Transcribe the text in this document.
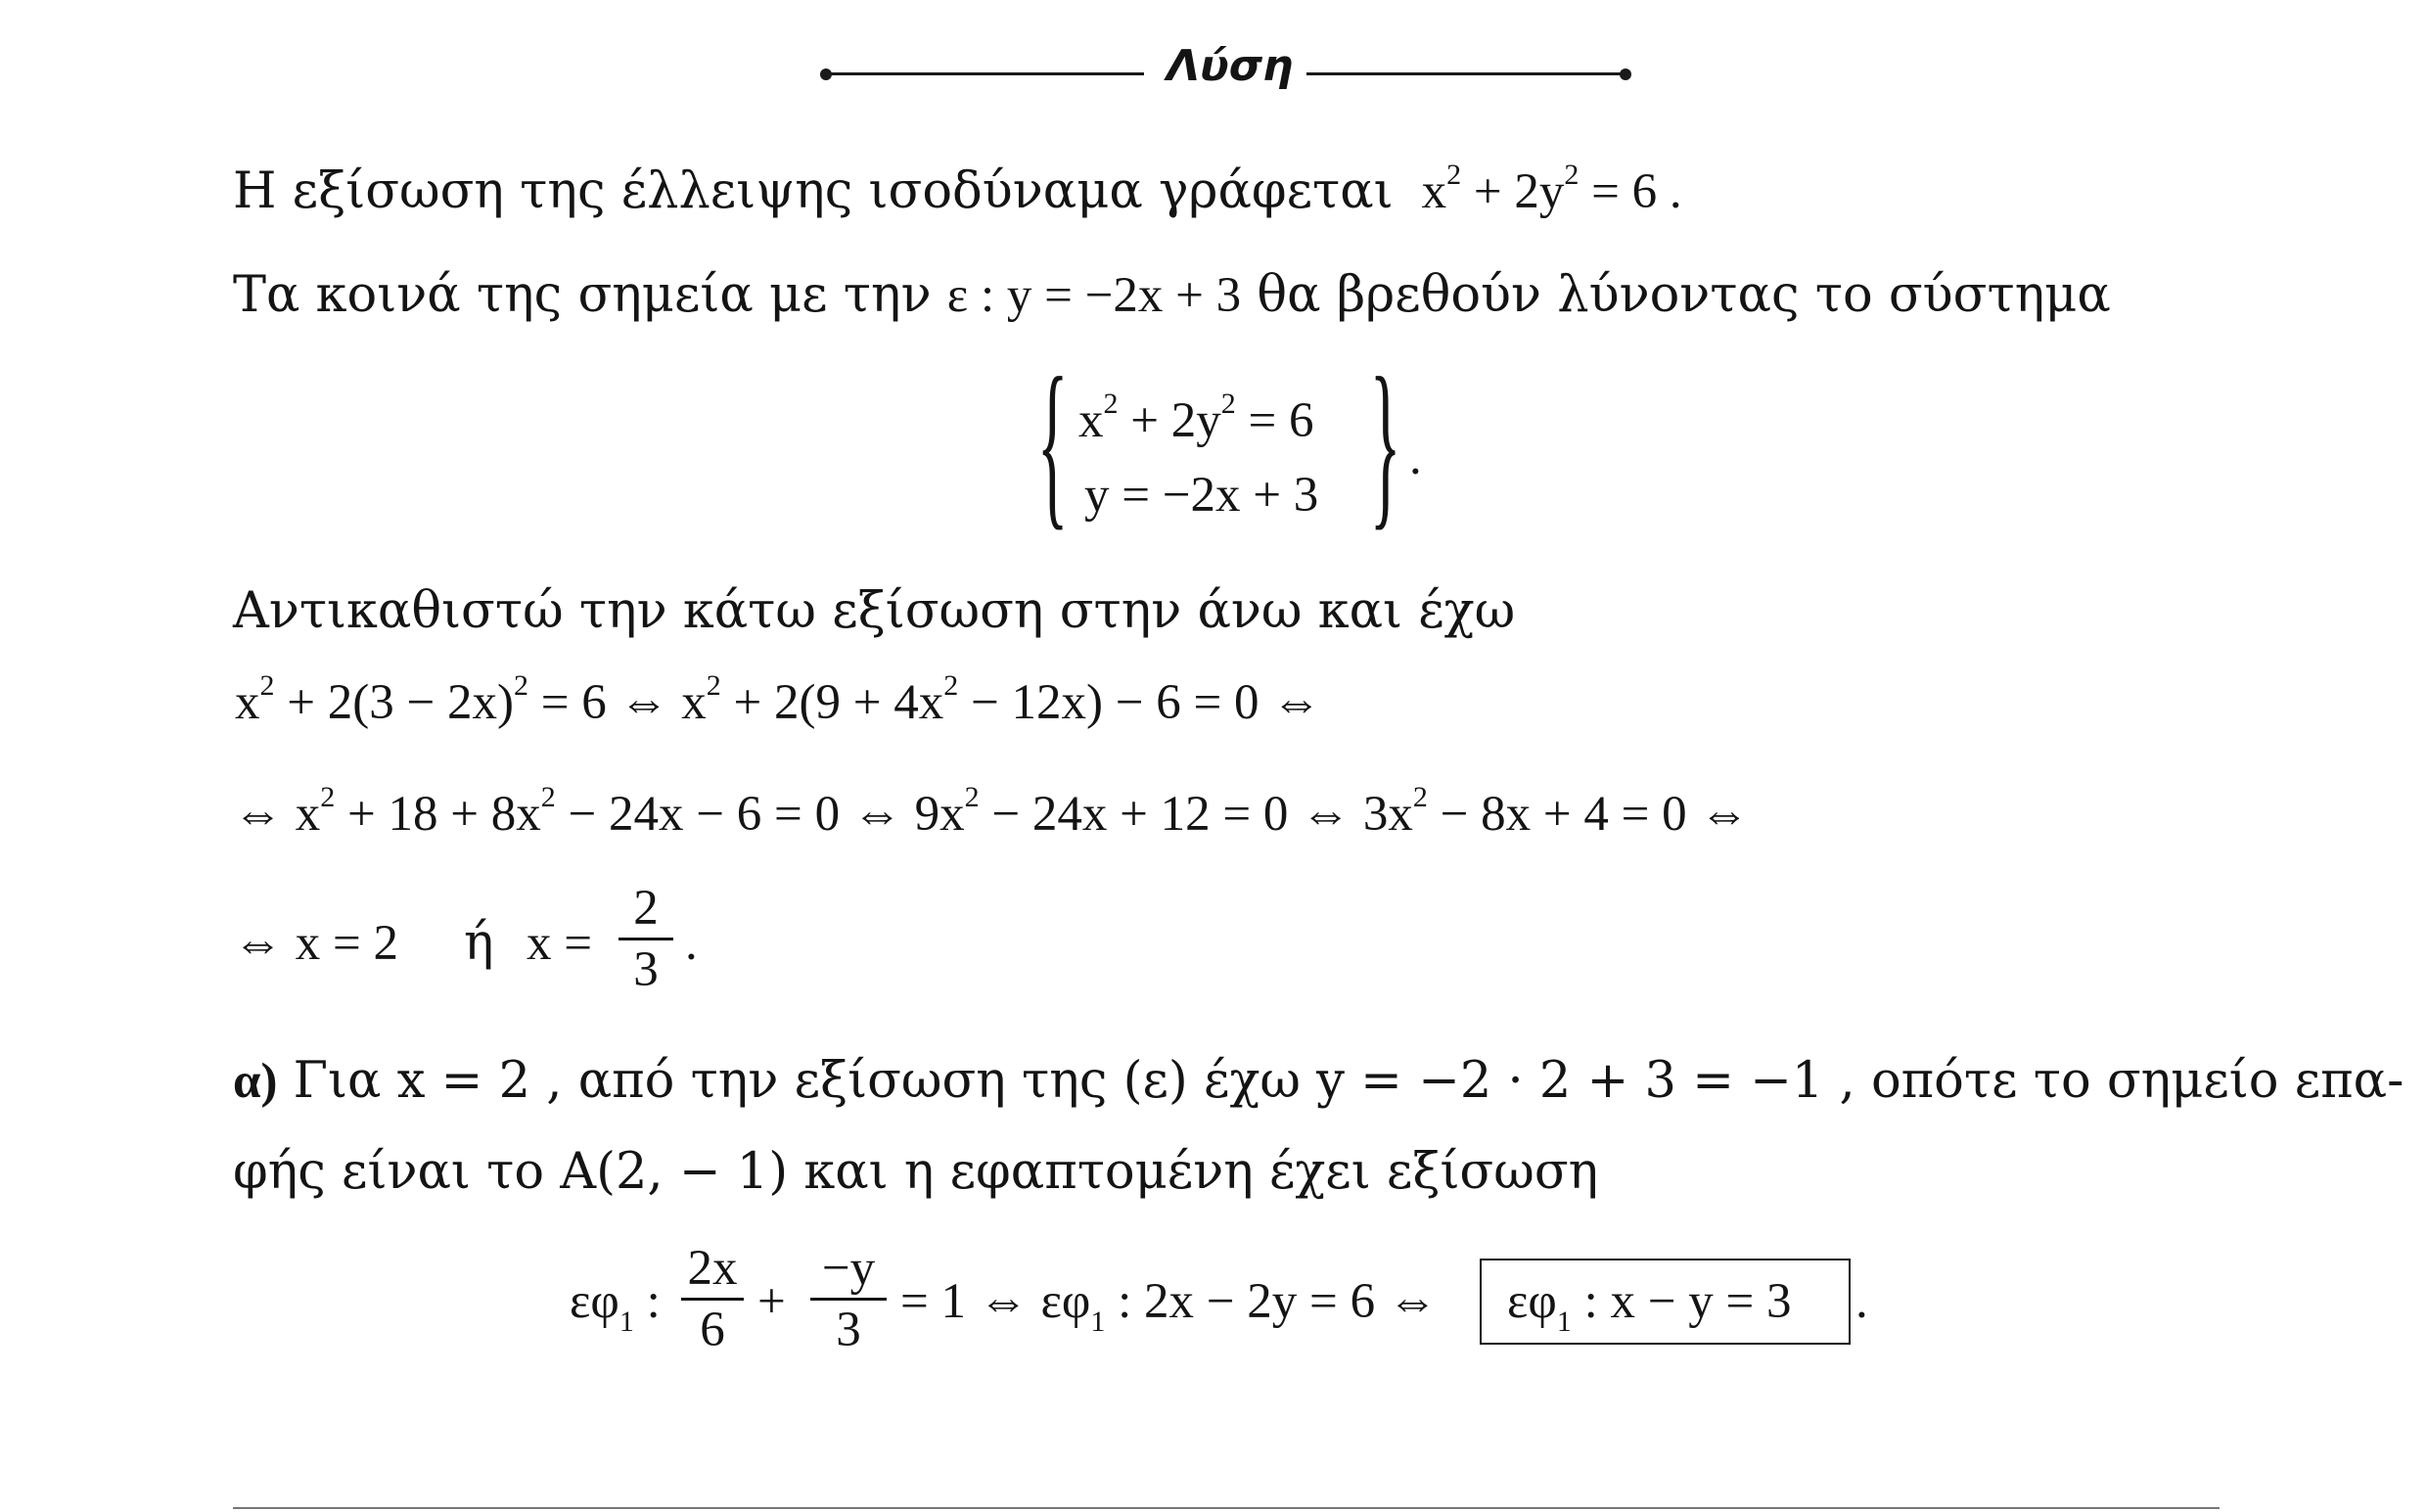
Λύση
Η εξίσωση της έλλειψης ισοδύναμα γράφεται  $x^2 + 2y^2 = 6$ .
Τα κοινά της σημεία με την ε : y = −2x + 3 θα βρεθούν λύνοντας το σύστημα
{ $x^2 + 2y^2 = 6$
y = −2x + 3 } .
Αντικαθιστώ την κάτω εξίσωση στην άνω και έχω
$x^2 + 2(3 - 2x)^2 = 6$ ⇔ $x^2 + 2(9 + 4x^2 - 12x) - 6 = 0$ ⇔
⇔ $x^2 + 18 + 8x^2 - 24x - 6 = 0$ ⇔ $9x^2 - 24x + 12 = 0$ ⇔ $3x^2 - 8x + 4 = 0$ ⇔
⇔ x = 2 ή x =
2
3 .
α) Για x = 2 , από την εξίσωση της (ε) έχω y = −2 · 2 + 3 = −1 , οπότε το σημείο επα-
φής είναι το Α(2, − 1) και η εφαπτομένη έχει εξίσωση
$\varepsilon\varphi_1$ :
2x
6
+
−y
3
= 1 ⇔ $\varepsilon\varphi_1$ : 2x − 2y = 6 ⇔ $\varepsilon\varphi_1$ : x − y = 3 .
